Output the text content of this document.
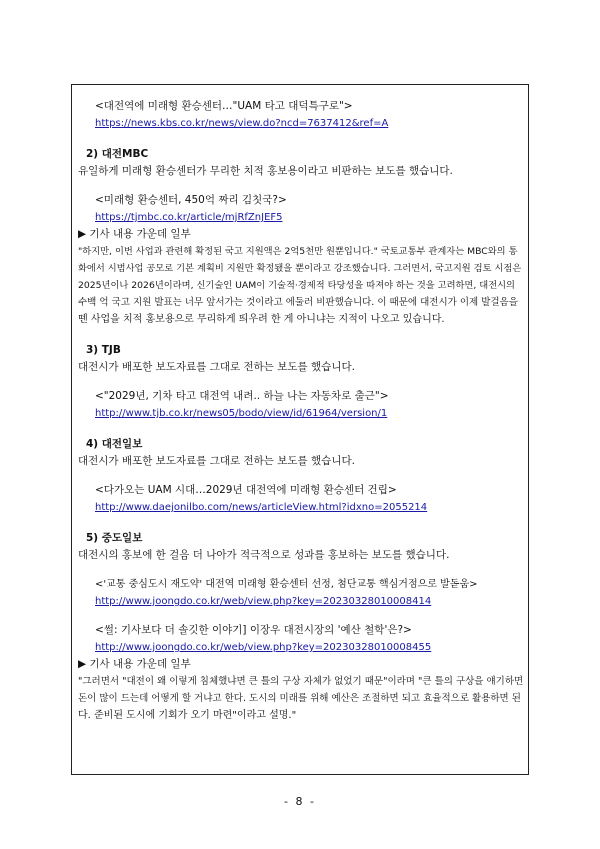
<대전역에 미래형 환승센터…"UAM 타고 대덕특구로">
https://news.kbs.co.kr/news/view.do?ncd=7637412&ref=A
2) 대전MBC
유일하게 미래형 환승센터가 무리한 치적 홍보용이라고 비판하는 보도를 했습니다.
<미래형 환승센터, 450억 짜리 김칫국?>
https://tjmbc.co.kr/article/mjRfZnJEF5
▶ 기사 내용 가운데 일부
"하지만, 이번 사업과 관련해 확정된 국고 지원액은 2억5천만 원뿐입니다." 국토교통부 관계자는 MBC와의 통
화에서 시범사업 공모로 기본 계획비 지원만 확정됐을 뿐이라고 강조했습니다. 그러면서, 국고지원 검토 시점은
2025년이나 2026년이라며, 신기술인 UAM이 기술적·경제적 타당성을 따져야 하는 것을 고려하면, 대전시의
수백 억 국고 지원 발표는 너무 앞서가는 것이라고 에둘러 비판했습니다. 이 때문에 대전시가 이제 발걸음을
뗀 사업을 치적 홍보용으로 무리하게 띄우려 한 게 아니냐는 지적이 나오고 있습니다.
3) TJB
대전시가 배포한 보도자료를 그대로 전하는 보도를 했습니다.
<"2029년, 기차 타고 대전역 내려.. 하늘 나는 자동차로 출근">
http://www.tjb.co.kr/news05/bodo/view/id/61964/version/1
4) 대전일보
대전시가 배포한 보도자료를 그대로 전하는 보도를 했습니다.
<다가오는 UAM 시대…2029년 대전역에 미래형 환승센터 건립>
http://www.daejonilbo.com/news/articleView.html?idxno=2055214
5) 중도일보
대전시의 홍보에 한 걸음 더 나아가 적극적으로 성과를 홍보하는 보도를 했습니다.
<'교통 중심도시 재도약' 대전역 미래형 환승센터 선정, 첨단교통 핵심거점으로 발돋움>
http://www.joongdo.co.kr/web/view.php?key=20230328010008414
<썰: 기사보다 더 솔깃한 이야기] 이장우 대전시장의 '예산 철학'은?>
http://www.joongdo.co.kr/web/view.php?key=20230328010008455
▶ 기사 내용 가운데 일부
"그러면서 "대전이 왜 이렇게 침체했냐면 큰 틀의 구상 자체가 없었기 때문"이라며 "큰 틀의 구상을 얘기하면
돈이 많이 드는데 어떻게 할 거냐고 한다. 도시의 미래를 위해 예산은 조절하면 되고 효율적으로 활용하면 된
다. 준비된 도시에 기회가 오기 마련"이라고 설명."
- 8 -
